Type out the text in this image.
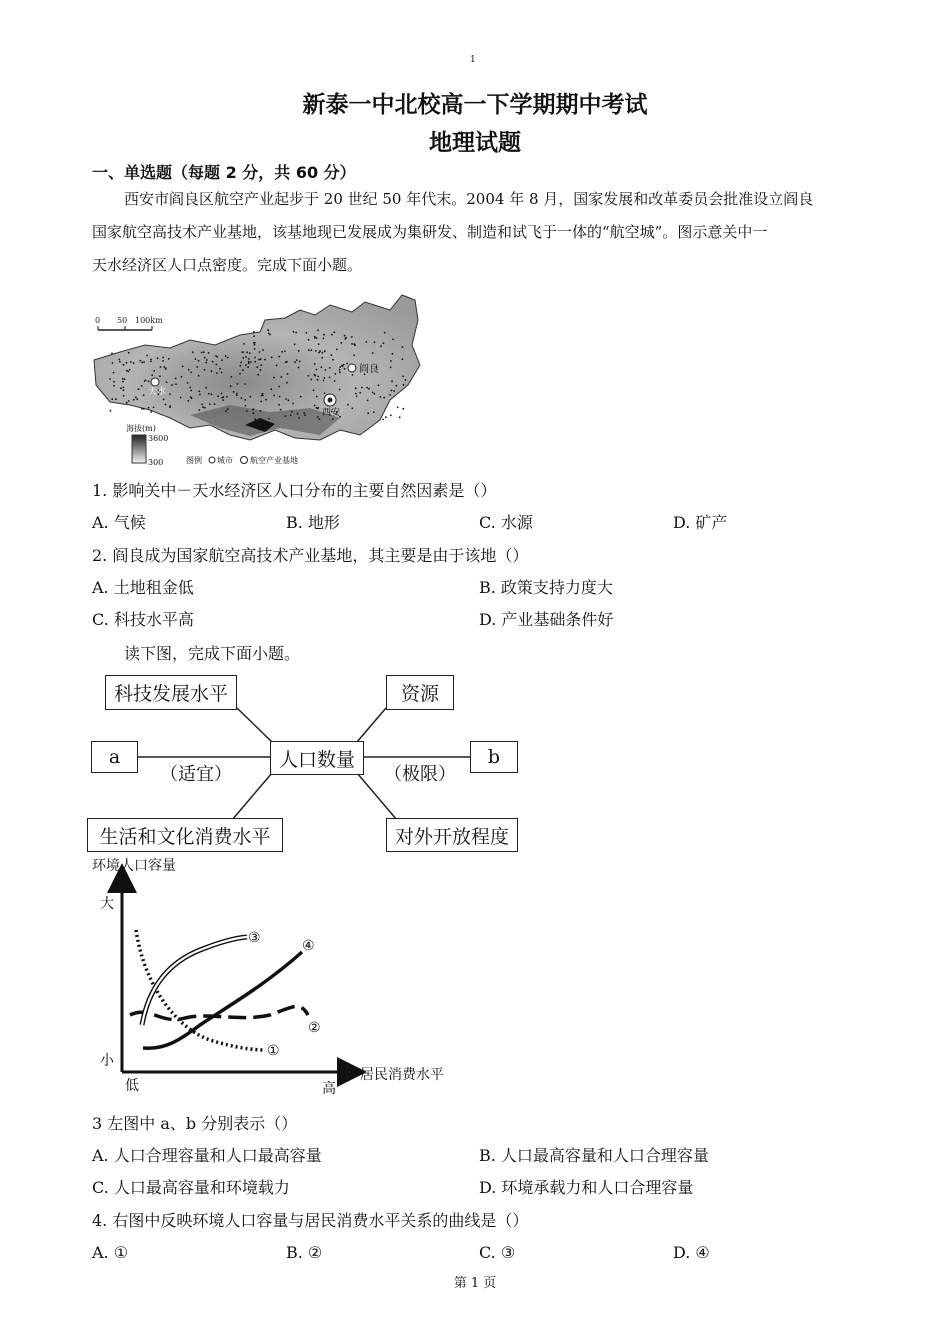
1
新泰一中北校高一下学期期中考试
地理试题
一、单选题（每题 2 分，共 60 分）
西安市阎良区航空产业起步于 20 世纪 50 年代末。2004 年 8 月，国家发展和改革委员会批准设立阎良
国家航空高技术产业基地，该基地现已发展成为集研发、制造和试飞于一体的“航空城”。图示意关中一
天水经济区人口点密度。完成下面小题。
0 50 100km
天水
阎良
西安
海拔(m)
3600
300	图例 城市 航空产业基地
1. 影响关中－天水经济区人口分布的主要自然因素是（）
A. 气候	B. 地形	C. 水源	D. 矿产
2. 阎良成为国家航空高技术产业基地，其主要是由于该地（）
A. 土地租金低	B. 政策支持力度大
C. 科技水平高	D. 产业基础条件好
读下图，完成下面小题。
科技发展水平	资源
人口数量
a	b
（适宜）	（极限）
生活和文化消费水平	对外开放程度
环境人口容量
大
小
低	高
居民消费水平
③	④
②
①
3 左图中 a、b 分别表示（）
A. 人口合理容量和人口最高容量	B. 人口最高容量和人口合理容量
C. 人口最高容量和环境载力	D. 环境承载力和人口合理容量
4. 右图中反映环境人口容量与居民消费水平关系的曲线是（）
A. ①	B. ②	C. ③	D. ④
第 1 页
